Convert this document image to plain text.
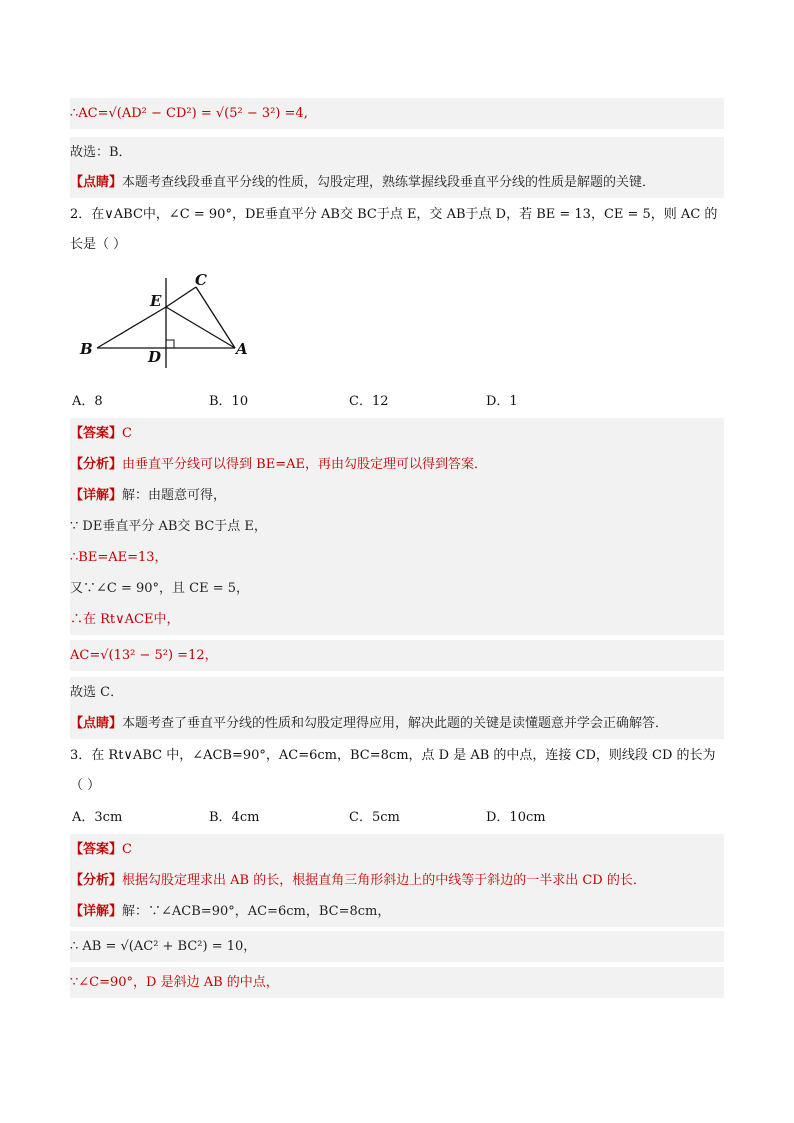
∴AC=√(AD² − CD²) = √(5² − 3²) =4,
故选：B．
【点睛】本题考查线段垂直平分线的性质，勾股定理，熟练掌握线段垂直平分线的性质是解题的关键．
2．在∨ABC中，∠C = 90°，DE垂直平分 AB交 BC于点 E，交 AB于点 D，若 BE = 13，CE = 5，则 AC 的
长是（ ）
B	D	A
E
C
A．8	B．10	C．12	D．1
【答案】C
【分析】由垂直平分线可以得到 BE=AE，再由勾股定理可以得到答案．
【详解】解：由题意可得，
∵ DE垂直平分 AB交 BC于点 E，
∴BE=AE=13，
又∵∠C = 90°，且 CE = 5，
∴在 Rt∨ACE中，
AC=√(13² − 5²) =12，
故选 C．
【点睛】本题考查了垂直平分线的性质和勾股定理得应用，解决此题的关键是读懂题意并学会正确解答．
3．在 Rt∨ABC 中，∠ACB=90°，AC=6cm，BC=8cm，点 D 是 AB 的中点，连接 CD，则线段 CD 的长为
（ ）
A．3cm	B．4cm	C．5cm	D．10cm
【答案】C
【分析】根据勾股定理求出 AB 的长，根据直角三角形斜边上的中线等于斜边的一半求出 CD 的长．
【详解】解：∵∠ACB=90°，AC=6cm，BC=8cm，
∴ AB = √(AC² + BC²) = 10，
∵∠C=90°，D 是斜边 AB 的中点，
